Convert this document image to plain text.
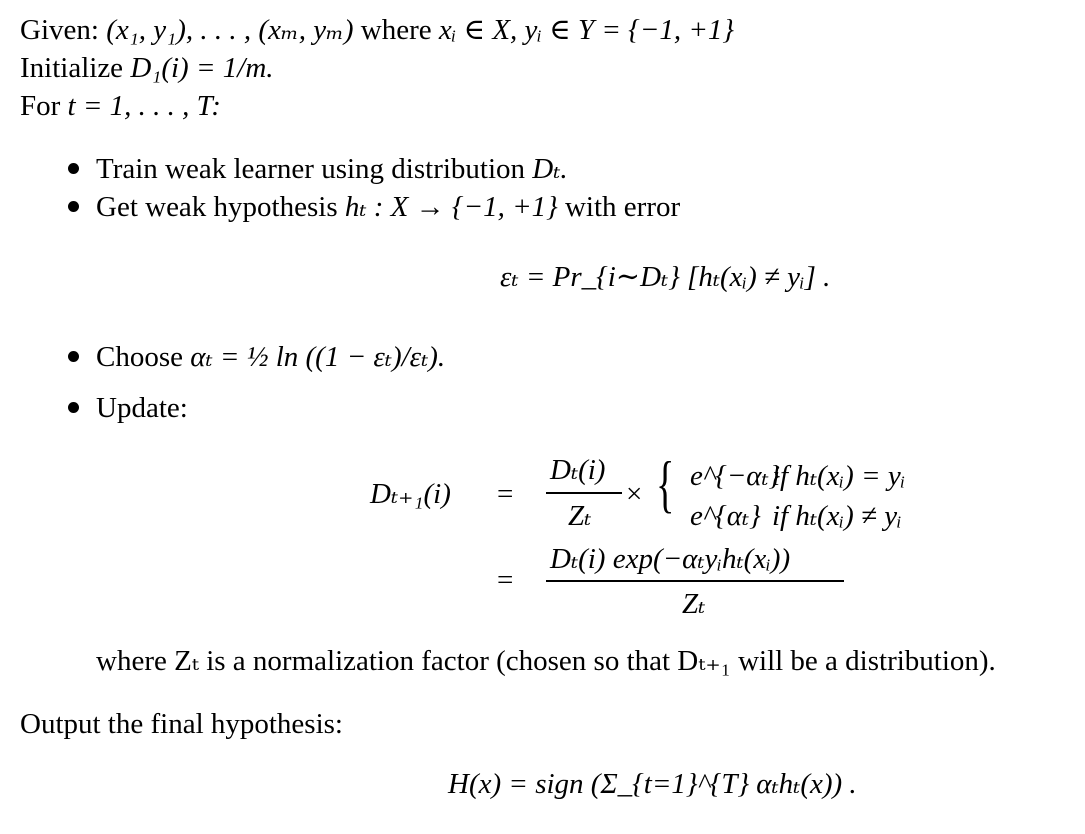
Given: (x₁, y₁), . . . , (xₘ, yₘ) where xᵢ ∈ X, yᵢ ∈ Y = {−1, +1}
Initialize D₁(i) = 1/m.
For t = 1, . . . , T:
Train weak learner using distribution Dₜ.
Get weak hypothesis hₜ : X → {−1, +1} with error
εₜ = Pr_{i∼Dₜ} [hₜ(xᵢ) ≠ yᵢ] .
Choose αₜ = ½ ln ((1 − εₜ)/εₜ).
Update:
Dₜ₊₁(i) =
Dₜ(i)
Zₜ
× { e^{−αₜ}
if hₜ(xᵢ) = yᵢ
e^{αₜ} if hₜ(xᵢ) ≠ yᵢ
=
Dₜ(i) exp(−αₜyᵢhₜ(xᵢ))
Zₜ
where Zₜ is a normalization factor (chosen so that Dₜ₊₁ will be a distribution).
Output the final hypothesis:
H(x) = sign (Σ_{t=1}^{T} αₜhₜ(x)) .
